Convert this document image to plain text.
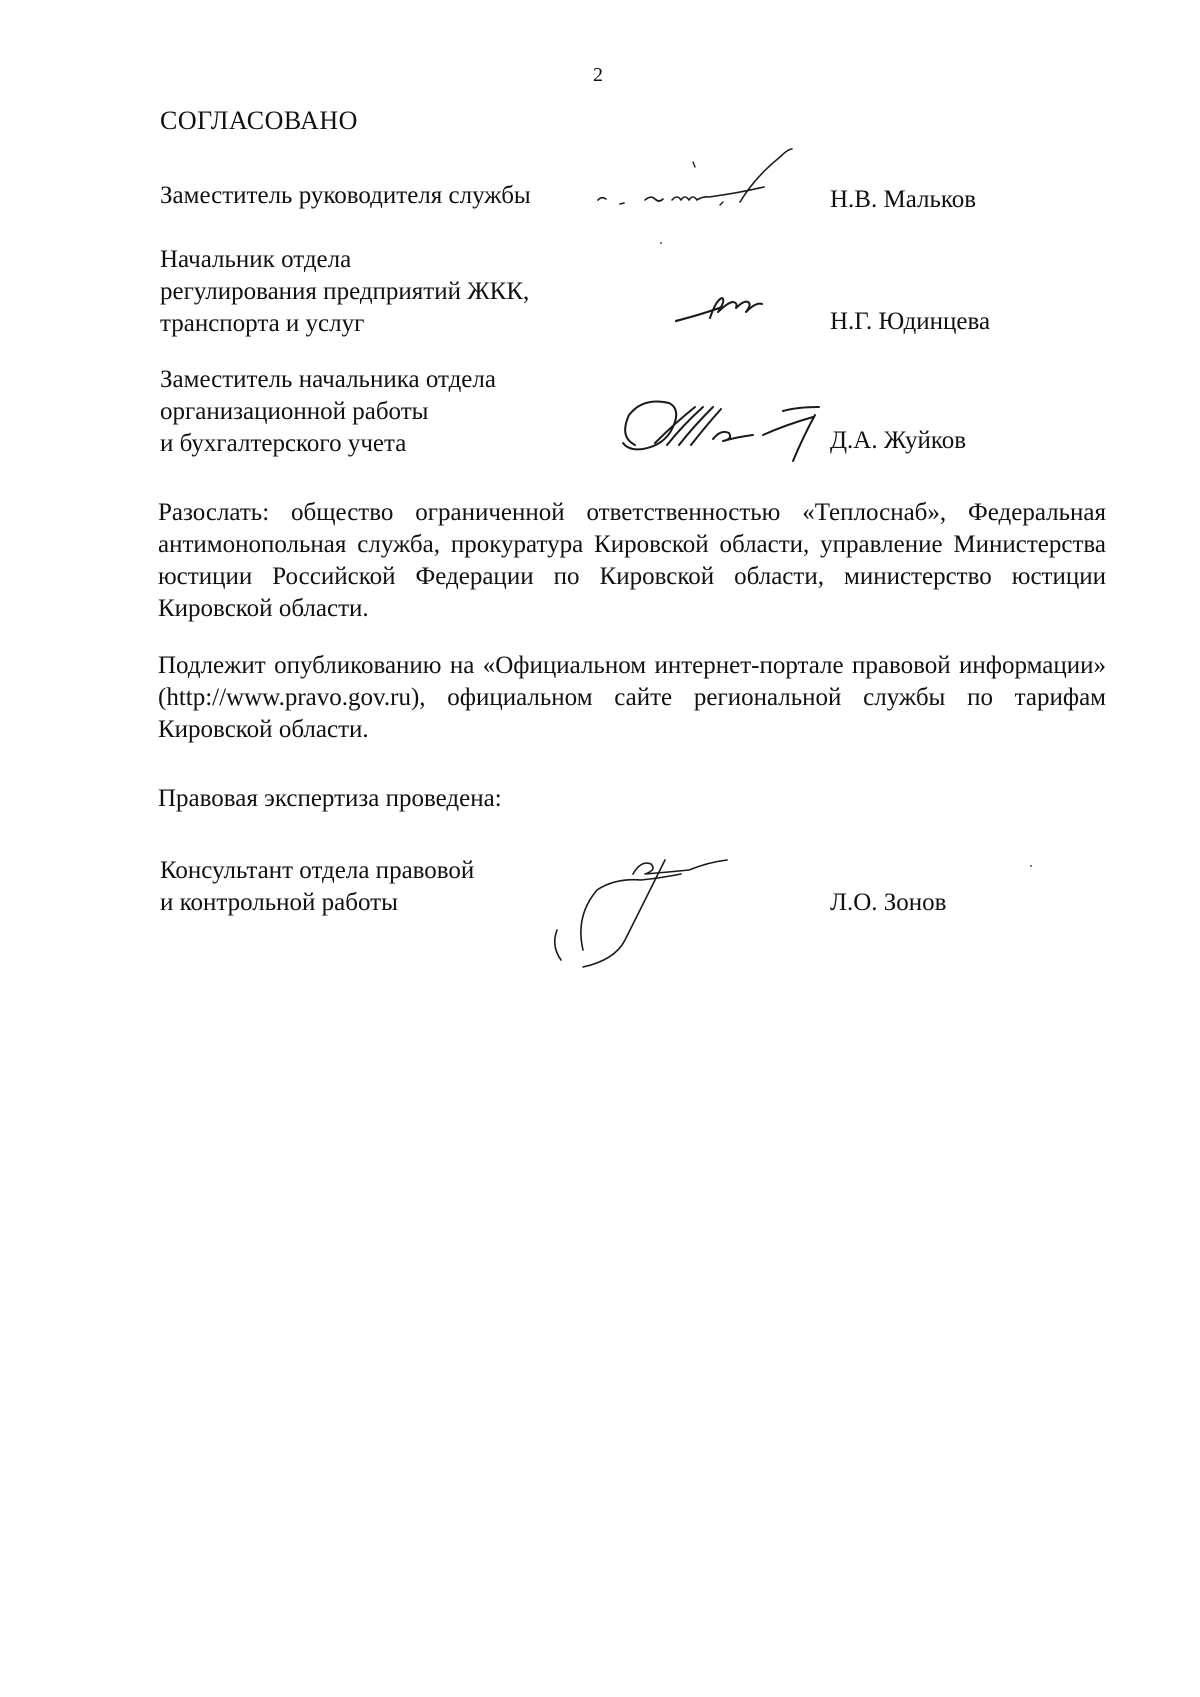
2
СОГЛАСОВАНО
Заместитель руководителя службы	Н.В. Мальков
Начальник отдела
регулирования предприятий ЖКК,
транспорта и услуг	Н.Г. Юдинцева
Заместитель начальника отдела
организационной работы
и бухгалтерского учета	Д.А. Жуйков
Разослать: общество ограниченной ответственностью «Теплоснаб», Федеральная антимонопольная служба, прокуратура Кировской области, управление Министерства юстиции Российской Федерации по Кировской области, министерство юстиции Кировской области.
Подлежит опубликованию на «Официальном интернет-портале правовой информации» (http://www.pravo.gov.ru), официальном сайте региональной службы по тарифам Кировской области.
Правовая экспертиза проведена:
Консультант отдела правовой
и контрольной работы	Л.О. Зонов
